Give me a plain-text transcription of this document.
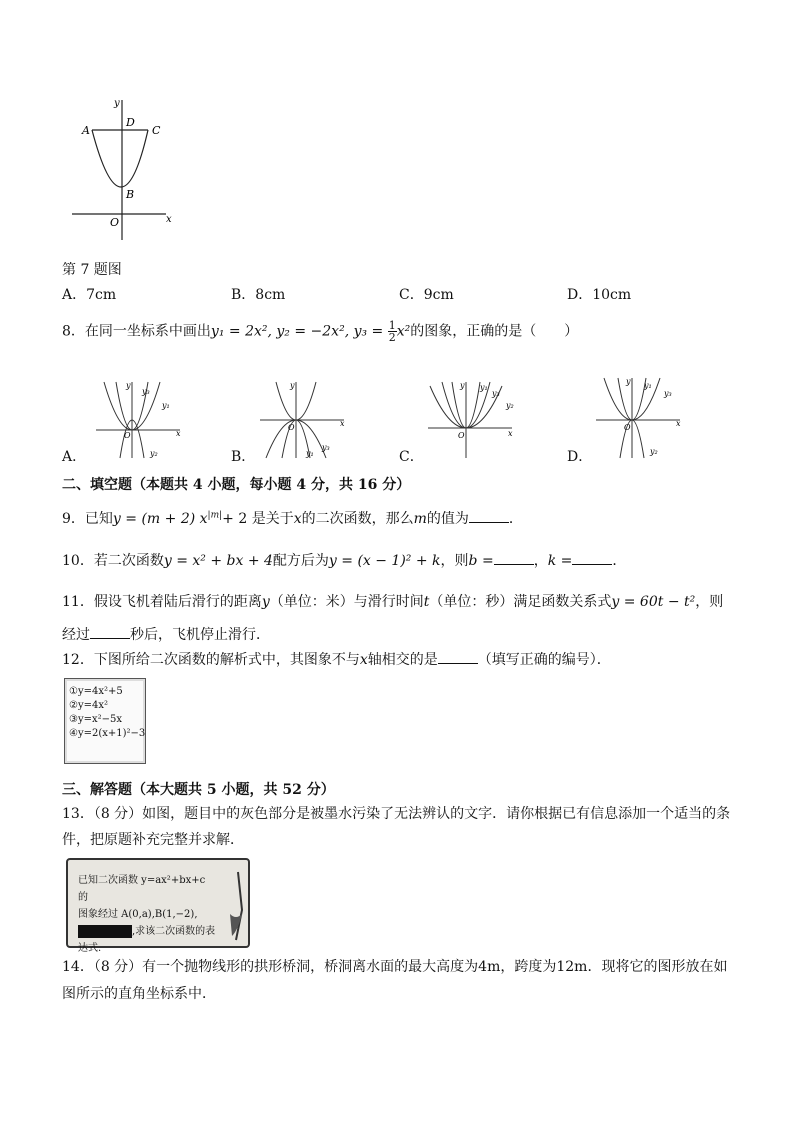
y
A
D
C
B
O	x
第 7 题图
A．7cm	B．8cm	C．9cm	D．10cm
8．在同一坐标系中画出y₁ = 2x², y₂ = −2x², $y_3 = \frac{1}{2} x^2$的图象，正确的是（　　）
A．
y
y₃
y₁
O	x
y₂	B．
y
O	x
y₁
y₃
C．
y y₁
y₃
y₂
O	x
D．
y y₁
y₃
O	x
y₂
二、填空题（本题共 4 小题，每小题 4 分，共 16 分）
9．已知y = (m + 2) $x^{|m|}+ 2$ 是关于x的二次函数，那么m的值为	．
10．若二次函数y = x² + bx + 4配方后为y = (x − 1)² + k，则b =	，k =	．
11．假设飞机着陆后滑行的距离y（单位：米）与滑行时间t（单位：秒）满足函数关系式y = 60t − t²，则
经过	秒后，飞机停止滑行．
12．下图所给二次函数的解析式中，其图象不与x轴相交的是	（填写正确的编号）．
①y=4x²+5
②y=4x²
③y=x²−5x
④y=2(x+1)²−3
三、解答题（本大题共 5 小题，共 52 分）
13．（8 分）如图，题目中的灰色部分是被墨水污染了无法辨认的文字．请你根据已有信息添加一个适当的条
件，把原题补充完整并求解．
已知二次函数 y=ax²+bx+c 的
图象经过 A(0,a),B(1,−2),
,求该二次函数的表
达式.
14．（8 分）有一个抛物线形的拱形桥洞，桥洞离水面的最大高度为4m，跨度为12m．现将它的图形放在如
图所示的直角坐标系中．
